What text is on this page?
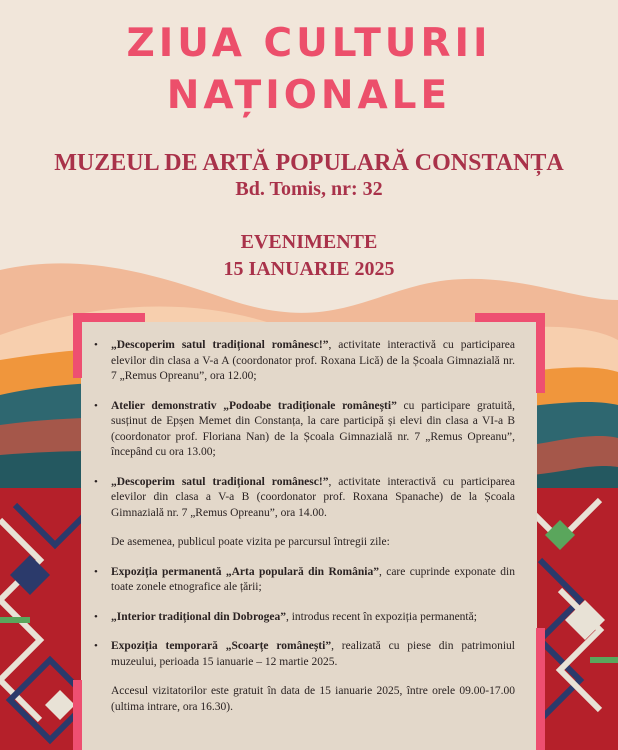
ZIUA CULTURII
NAȚIONALE
MUZEUL DE ARTĂ POPULARĂ CONSTANȚA
Bd. Tomis, nr: 32
EVENIMENTE
15 IANUARIE 2025
• „Descoperim satul tradițional românesc!”, activitate interactivă cu participarea elevilor din clasa a V-a A (coordonator prof. Roxana Lică) de la Școala Gimnazială nr. 7 „Remus Opreanu”, ora 12.00;
• Atelier demonstrativ „Podoabe tradiționale românești” cu participare gratuită, susținut de Epșen Memet din Constanța, la care participă și elevi din clasa a VI-a B (coordonator prof. Floriana Nan) de la Școala Gimnazială nr. 7 „Remus Opreanu”, începând cu ora 13.00;
• „Descoperim satul tradițional românesc!”, activitate interactivă cu participarea elevilor din clasa a V-a B (coordonator prof. Roxana Spanache) de la Școala Gimnazială nr. 7 „Remus Opreanu”, ora 14.00.
De asemenea, publicul poate vizita pe parcursul întregii zile:
• Expoziția permanentă „Arta populară din România”, care cuprinde exponate din toate zonele etnografice ale țării;
• „Interior tradițional din Dobrogea”, introdus recent în expoziția permanentă;
• Expoziția temporară „Scoarțe românești”, realizată cu piese din patrimoniul muzeului, perioada 15 ianuarie – 12 martie 2025.
Accesul vizitatorilor este gratuit în data de 15 ianuarie 2025, între orele 09.00-17.00 (ultima intrare, ora 16.30).
